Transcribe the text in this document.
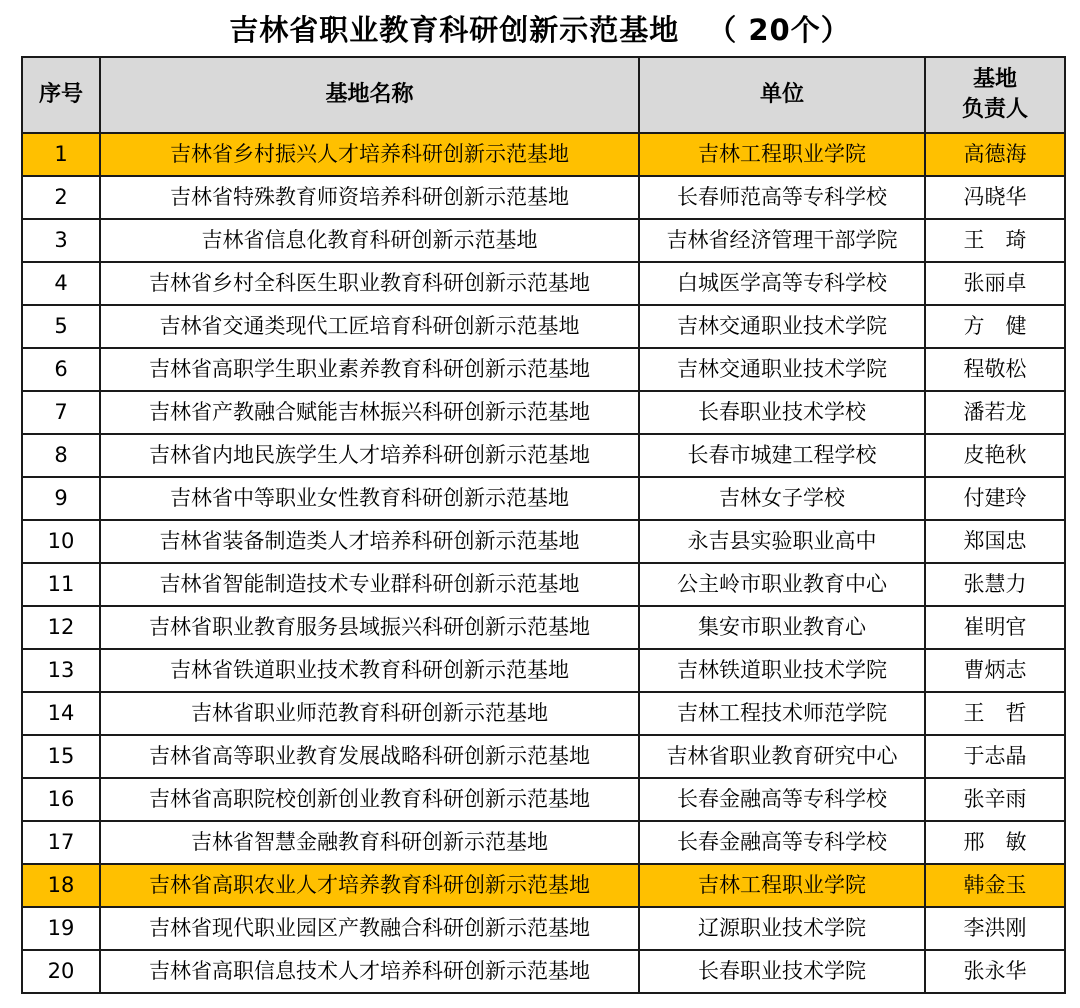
吉林省职业教育科研创新示范基地 （ 20个）
序号	基地名称	单位	基地
负责人
1	吉林省乡村振兴人才培养科研创新示范基地	吉林工程职业学院	高德海
2	吉林省特殊教育师资培养科研创新示范基地	长春师范高等专科学校	冯晓华
3	吉林省信息化教育科研创新示范基地	吉林省经济管理干部学院	王　琦
4	吉林省乡村全科医生职业教育科研创新示范基地	白城医学高等专科学校	张丽卓
5	吉林省交通类现代工匠培育科研创新示范基地	吉林交通职业技术学院	方　健
6	吉林省高职学生职业素养教育科研创新示范基地	吉林交通职业技术学院	程敬松
7	吉林省产教融合赋能吉林振兴科研创新示范基地	长春职业技术学校	潘若龙
8	吉林省内地民族学生人才培养科研创新示范基地	长春市城建工程学校	皮艳秋
9	吉林省中等职业女性教育科研创新示范基地	吉林女子学校	付建玲
10	吉林省装备制造类人才培养科研创新示范基地	永吉县实验职业高中	郑国忠
11	吉林省智能制造技术专业群科研创新示范基地	公主岭市职业教育中心	张慧力
12	吉林省职业教育服务县域振兴科研创新示范基地	集安市职业教育心	崔明官
13	吉林省铁道职业技术教育科研创新示范基地	吉林铁道职业技术学院	曹炳志
14	吉林省职业师范教育科研创新示范基地	吉林工程技术师范学院	王　哲
15	吉林省高等职业教育发展战略科研创新示范基地	吉林省职业教育研究中心	于志晶
16	吉林省高职院校创新创业教育科研创新示范基地	长春金融高等专科学校	张辛雨
17	吉林省智慧金融教育科研创新示范基地	长春金融高等专科学校	邢　敏
18	吉林省高职农业人才培养教育科研创新示范基地	吉林工程职业学院	韩金玉
19	吉林省现代职业园区产教融合科研创新示范基地	辽源职业技术学院	李洪刚
20	吉林省高职信息技术人才培养科研创新示范基地	长春职业技术学院	张永华
